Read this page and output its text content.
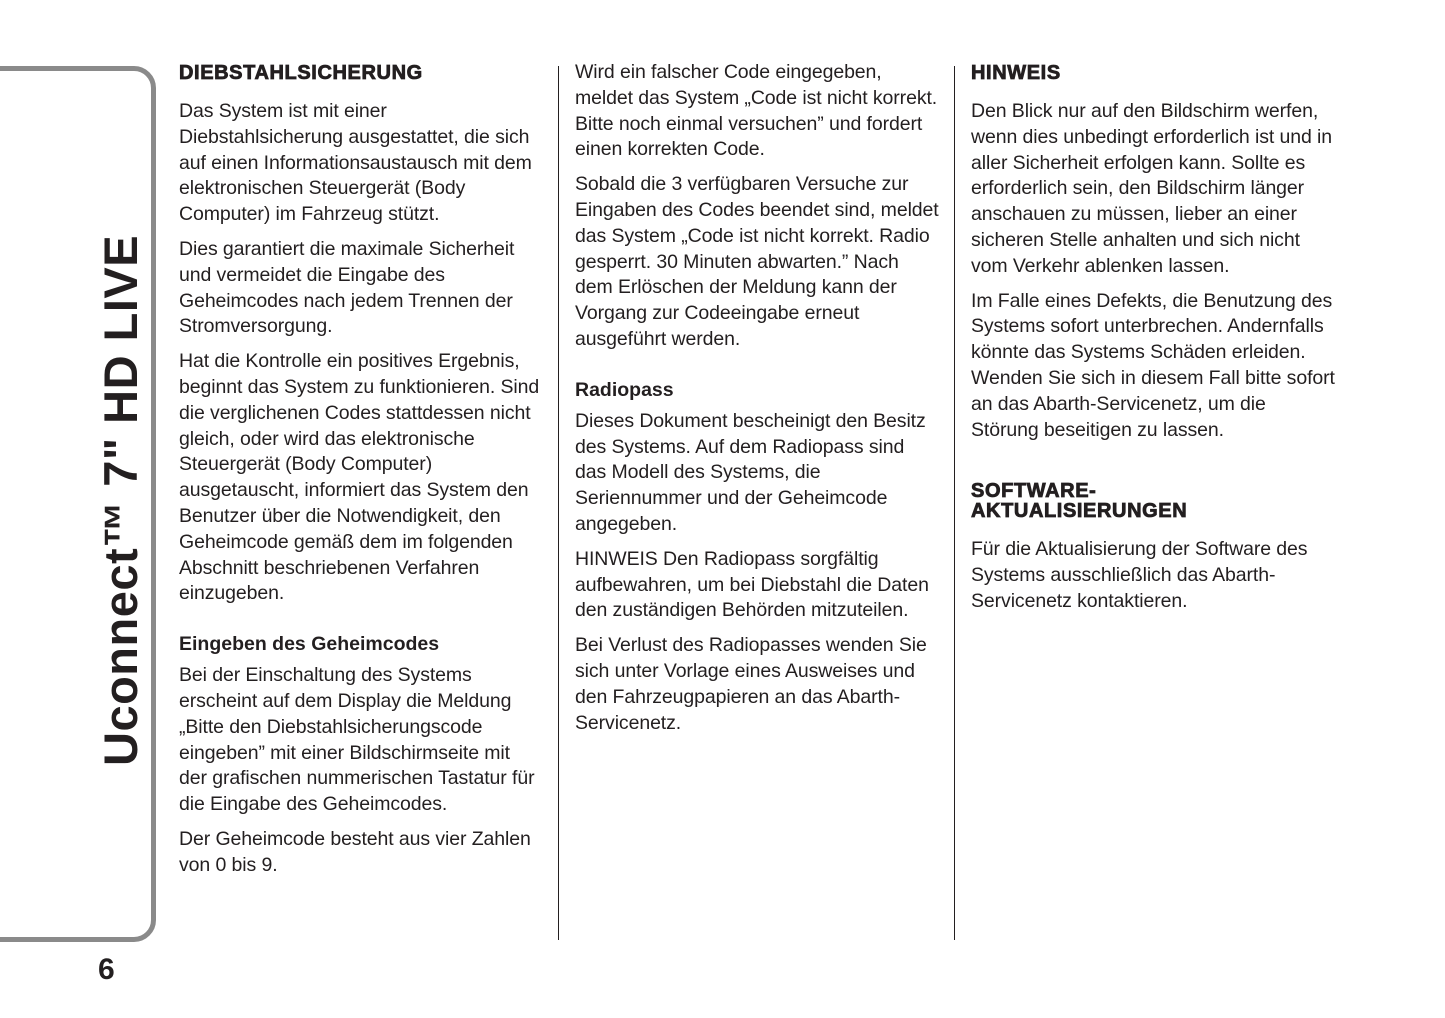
Uconnect™ 7" HD LIVE
6
DIEBSTAHLSICHERUNG

Das System ist mit einer Diebstahlsicherung ausgestattet, die sich auf einen Informationsaustausch mit dem elektronischen Steuergerät (Body Computer) im Fahrzeug stützt.

Dies garantiert die maximale Sicherheit und vermeidet die Eingabe des Geheimcodes nach jedem Trennen der Stromversorgung.

Hat die Kontrolle ein positives Ergebnis, beginnt das System zu funktionieren. Sind die verglichenen Codes stattdessen nicht gleich, oder wird das elektronische Steuergerät (Body Computer) ausgetauscht, informiert das System den Benutzer über die Notwendigkeit, den Geheimcode gemäß dem im folgenden Abschnitt beschriebenen Verfahren einzugeben.

Eingeben des Geheimcodes

Bei der Einschaltung des Systems erscheint auf dem Display die Meldung „Bitte den Diebstahlsicherungscode eingeben” mit einer Bildschirmseite mit der grafischen nummerischen Tastatur für die Eingabe des Geheimcodes.

Der Geheimcode besteht aus vier Zahlen von 0 bis 9.

Wird ein falscher Code eingegeben, meldet das System „Code ist nicht korrekt. Bitte noch einmal versuchen” und fordert einen korrekten Code.

Sobald die 3 verfügbaren Versuche zur Eingaben des Codes beendet sind, meldet das System „Code ist nicht korrekt. Radio gesperrt. 30 Minuten abwarten.” Nach dem Erlöschen der Meldung kann der Vorgang zur Codeeingabe erneut ausgeführt werden.

Radiopass

Dieses Dokument bescheinigt den Besitz des Systems. Auf dem Radiopass sind das Modell des Systems, die Seriennummer und der Geheimcode angegeben.

HINWEIS Den Radiopass sorgfältig aufbewahren, um bei Diebstahl die Daten den zuständigen Behörden mitzuteilen.

Bei Verlust des Radiopasses wenden Sie sich unter Vorlage eines Ausweises und den Fahrzeugpapieren an das Abarth-Servicenetz.

HINWEIS

Den Blick nur auf den Bildschirm werfen, wenn dies unbedingt erforderlich ist und in aller Sicherheit erfolgen kann. Sollte es erforderlich sein, den Bildschirm länger anschauen zu müssen, lieber an einer sicheren Stelle anhalten und sich nicht vom Verkehr ablenken lassen.

Im Falle eines Defekts, die Benutzung des Systems sofort unterbrechen. Andernfalls könnte das Systems Schäden erleiden. Wenden Sie sich in diesem Fall bitte sofort an das Abarth-Servicenetz, um die Störung beseitigen zu lassen.

SOFTWARE-
AKTUALISIERUNGEN

Für die Aktualisierung der Software des Systems ausschließlich das Abarth-Servicenetz kontaktieren.
